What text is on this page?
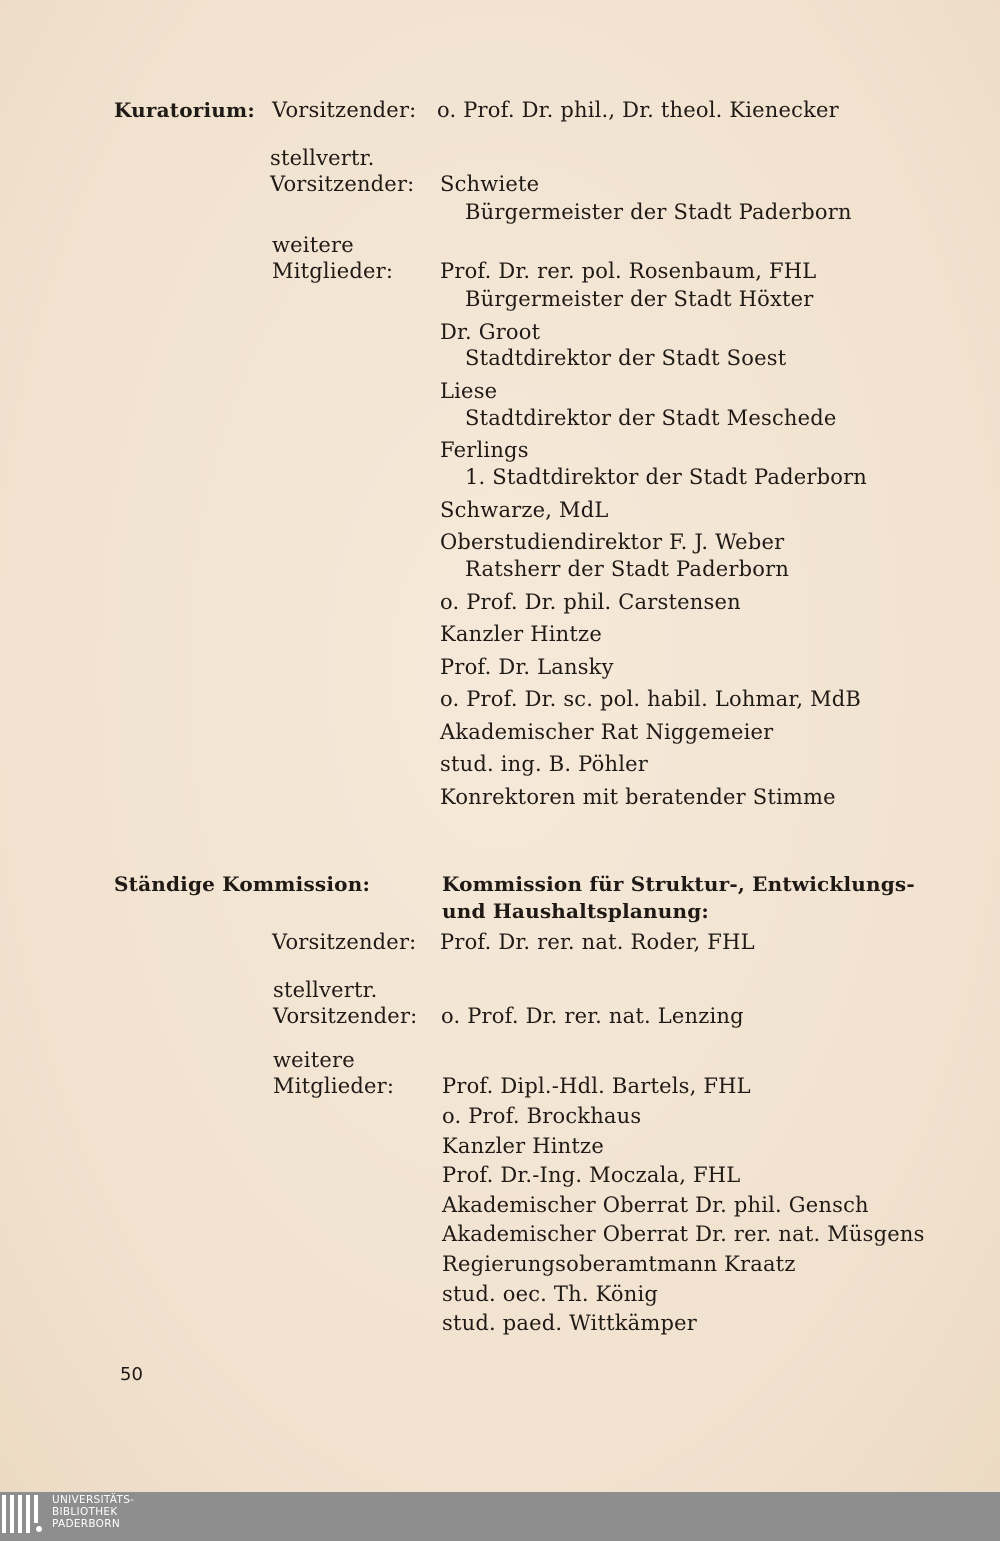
Kuratorium: Vorsitzender: o. Prof. Dr. phil., Dr. theol. Kienecker
stellvertr.
Vorsitzender: Schwiete
Bürgermeister der Stadt Paderborn
weitere
Mitglieder: Prof. Dr. rer. pol. Rosenbaum, FHL
Bürgermeister der Stadt Höxter
Dr. Groot
Stadtdirektor der Stadt Soest
Liese
Stadtdirektor der Stadt Meschede
Ferlings
1. Stadtdirektor der Stadt Paderborn
Schwarze, MdL
Oberstudiendirektor F. J. Weber
Ratsherr der Stadt Paderborn
o. Prof. Dr. phil. Carstensen
Kanzler Hintze
Prof. Dr. Lansky
o. Prof. Dr. sc. pol. habil. Lohmar, MdB
Akademischer Rat Niggemeier
stud. ing. B. Pöhler
Konrektoren mit beratender Stimme
Ständige Kommission:	Kommission für Struktur-, Entwicklungs-
und Haushaltsplanung:
Vorsitzender: Prof. Dr. rer. nat. Roder, FHL
stellvertr.
Vorsitzender: o. Prof. Dr. rer. nat. Lenzing
weitere
Mitglieder: Prof. Dipl.-Hdl. Bartels, FHL
o. Prof. Brockhaus
Kanzler Hintze
Prof. Dr.-Ing. Moczala, FHL
Akademischer Oberrat Dr. phil. Gensch
Akademischer Oberrat Dr. rer. nat. Müsgens
Regierungsoberamtmann Kraatz
stud. oec. Th. König
stud. paed. Wittkämper
50
UNIVERSITÄTS-
BIBLIOTHEK
PADERBORN
